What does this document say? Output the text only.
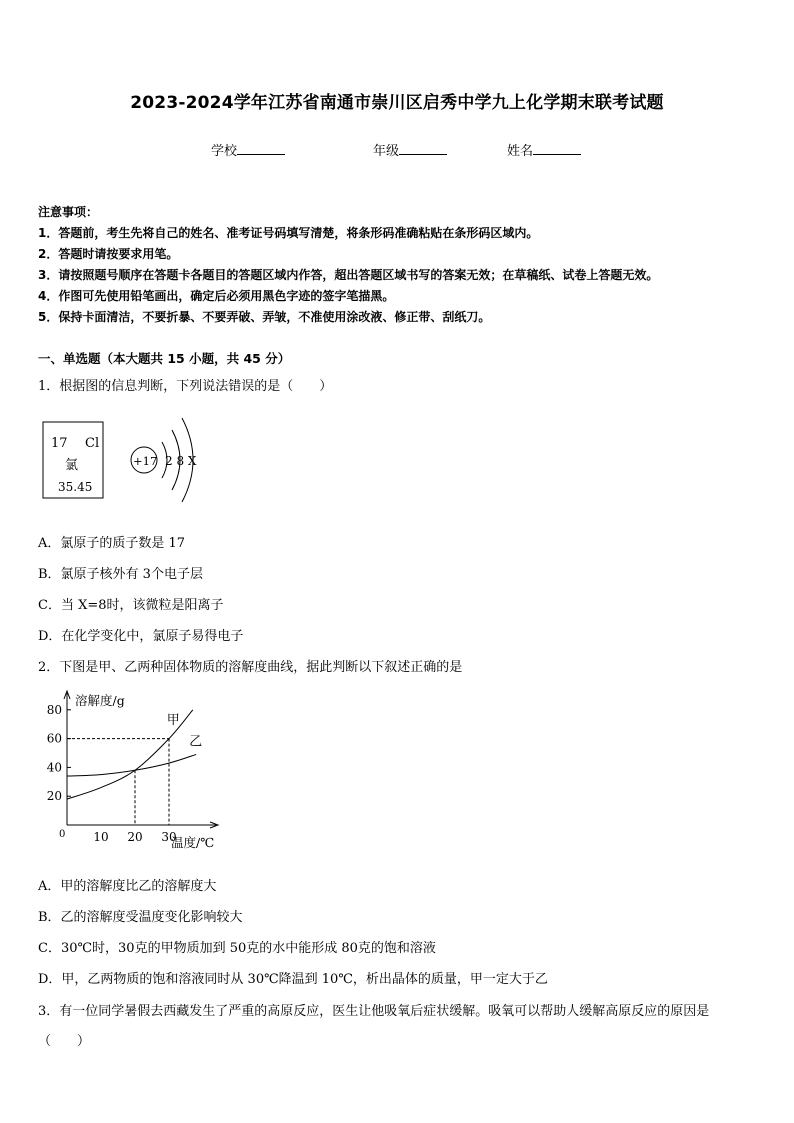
2023-2024学年江苏省南通市崇川区启秀中学九上化学期末联考试题
学校	年级	姓名
注意事项：
1．答题前，考生先将自己的姓名、准考证号码填写清楚，将条形码准确粘贴在条形码区域内。
2．答题时请按要求用笔。
3．请按照题号顺序在答题卡各题目的答题区域内作答，超出答题区域书写的答案无效；在草稿纸、试卷上答题无效。
4．作图可先使用铅笔画出，确定后必须用黑色字迹的签字笔描黑。
5．保持卡面清洁，不要折暴、不要弄破、弄皱，不准使用涂改液、修正带、刮纸刀。
一、单选题（本大题共 15 小题，共 45 分）
1．根据图的信息判断，下列说法错误的是（　　）
17 Cl
氯
35.45
+17 2 8 X
A．氯原子的质子数是 17
B．氯原子核外有 3个电子层
C．当 X=8时，该微粒是阳离子
D．在化学变化中，氯原子易得电子
2．下图是甲、乙两种固体物质的溶解度曲线，据此判断以下叙述正确的是
20
40
60
80
10 20 30
0
溶解度/g
温度/℃
甲
乙
A．甲的溶解度比乙的溶解度大
B．乙的溶解度受温度变化影响较大
C．30℃时，30克的甲物质加到 50克的水中能形成 80克的饱和溶液
D．甲，乙两物质的饱和溶液同时从 30℃降温到 10℃，析出晶体的质量，甲一定大于乙
3．有一位同学暑假去西藏发生了严重的高原反应，医生让他吸氧后症状缓解。吸氧可以帮助人缓解高原反应的原因是
（　　）
